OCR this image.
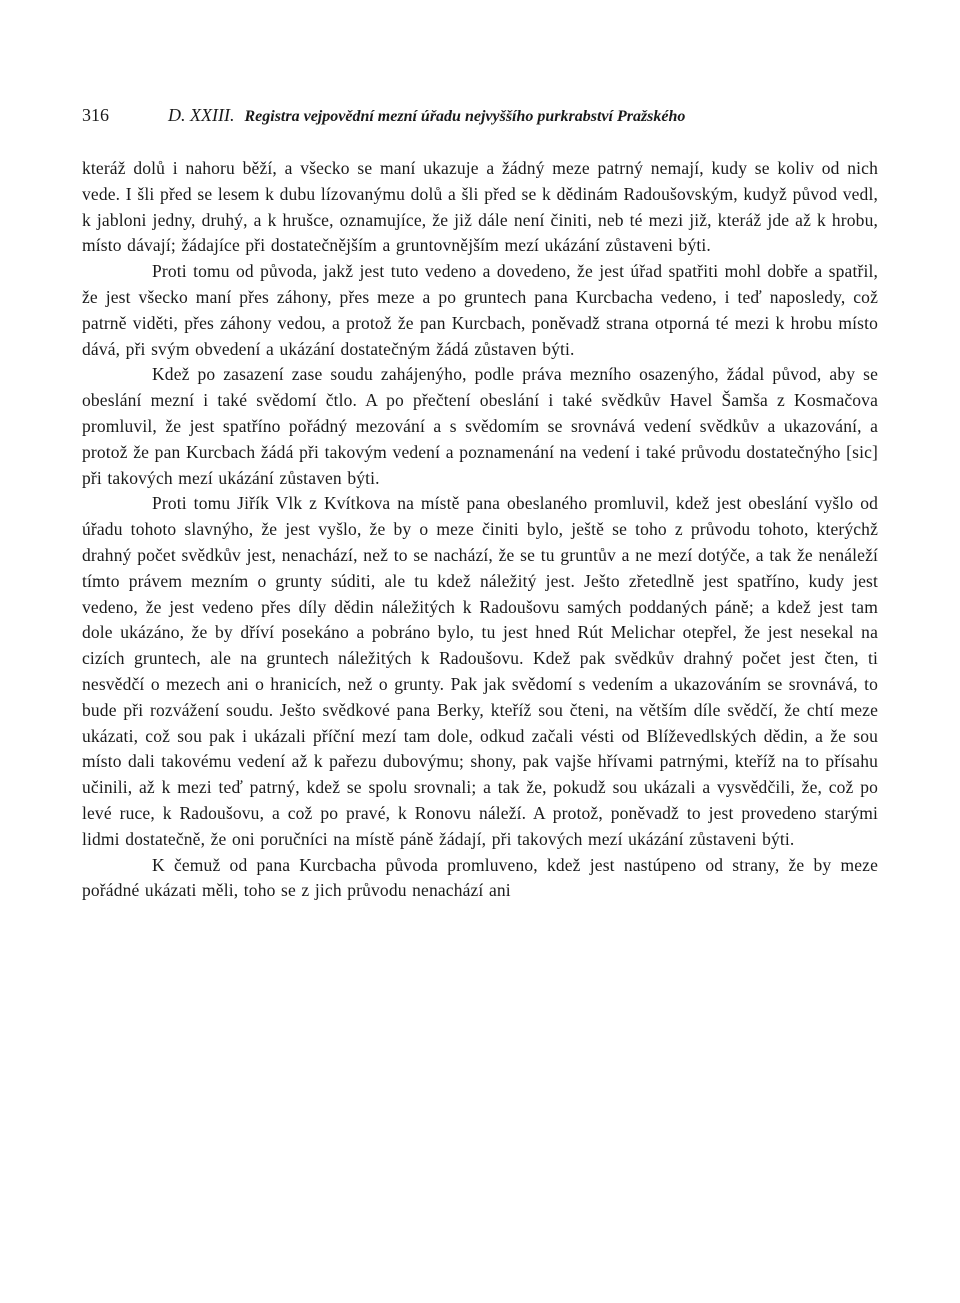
316	D. XXIII. Registra vejpovědní mezní úřadu nejvyššího purkrabství Pražského

kteráž dolů i nahoru běží, a všecko se maní ukazuje a žádný meze patrný nemají, kudy se koliv od nich vede. I šli před se lesem k dubu lízovanýmu dolů a šli před se k dědinám Radoušovským, kudyž původ vedl, k jabloni jedny, druhý, a k hrušce, oznamujíce, že již dále není činiti, neb té mezi již, kteráž jde až k hrobu, místo dávají; žádajíce při dostatečnějším a gruntovnějším mezí ukázání zůstaveni býti.

Proti tomu od původa, jakž jest tuto vedeno a dovedeno, že jest úřad spatřiti mohl dobře a spatřil, že jest všecko maní přes záhony, přes meze a po gruntech pana Kurcbacha vedeno, i teď naposledy, což patrně viděti, přes záhony vedou, a protož že pan Kurcbach, poněvadž strana otporná té mezi k hrobu místo dává, při svým obvedení a ukázání dostatečným žádá zůstaven býti.

Kdež po zasazení zase soudu zahájenýho, podle práva mezního osazenýho, žádal původ, aby se obeslání mezní i také svědomí čtlo. A po přečtení obeslání i také svědkův Havel Šamša z Kosmačova promluvil, že jest spatříno pořádný mezování a s svědomím se srovnává vedení svědkův a ukazování, a protož že pan Kurcbach žádá při takovým vedení a poznamenání na vedení i také průvodu dostatečnýho [sic] při takových mezí ukázání zůstaven býti.

Proti tomu Jiřík Vlk z Kvítkova na místě pana obeslaného promluvil, kdež jest obeslání vyšlo od úřadu tohoto slavnýho, že jest vyšlo, že by o meze činiti bylo, ještě se toho z průvodu tohoto, kterýchž drahný počet svědkův jest, nenachází, než to se nachází, že se tu gruntův a ne mezí dotýče, a tak že nenáleží tímto právem mezním o grunty súditi, ale tu kdež náležitý jest. Ješto zřetedlně jest spatříno, kudy jest vedeno, že jest vedeno přes díly dědin náležitých k Radoušovu samých poddaných páně; a kdež jest tam dole ukázáno, že by dříví posekáno a pobráno bylo, tu jest hned Rút Melichar otepřel, že jest nesekal na cizích gruntech, ale na gruntech náležitých k Radoušovu. Kdež pak svědkův drahný počet jest čten, ti nesvědčí o mezech ani o hranicích, než o grunty. Pak jak svědomí s vedením a ukazováním se srovnává, to bude při rozvážení soudu. Ješto svědkové pana Berky, kteříž sou čteni, na větším díle svědčí, že chtí meze ukázati, což sou pak i ukázali příční mezí tam dole, odkud začali vésti od Blíževedlských dědin, a že sou místo dali takovému vedení až k pařezu dubovýmu; shony, pak vajše hřívami patrnými, kteříž na to přísahu učinili, až k mezi teď patrný, kdež se spolu srovnali; a tak že, pokudž sou ukázali a vysvědčili, že, což po levé ruce, k Radoušovu, a což po pravé, k Ronovu náleží. A protož, poněvadž to jest provedeno starými lidmi dostatečně, že oni poručníci na místě páně žádají, při takových mezí ukázání zůstaveni býti.

K čemuž od pana Kurcbacha původa promluveno, kdež jest nastúpeno od strany, že by meze pořádné ukázati měli, toho se z jich průvodu nenachází ani
